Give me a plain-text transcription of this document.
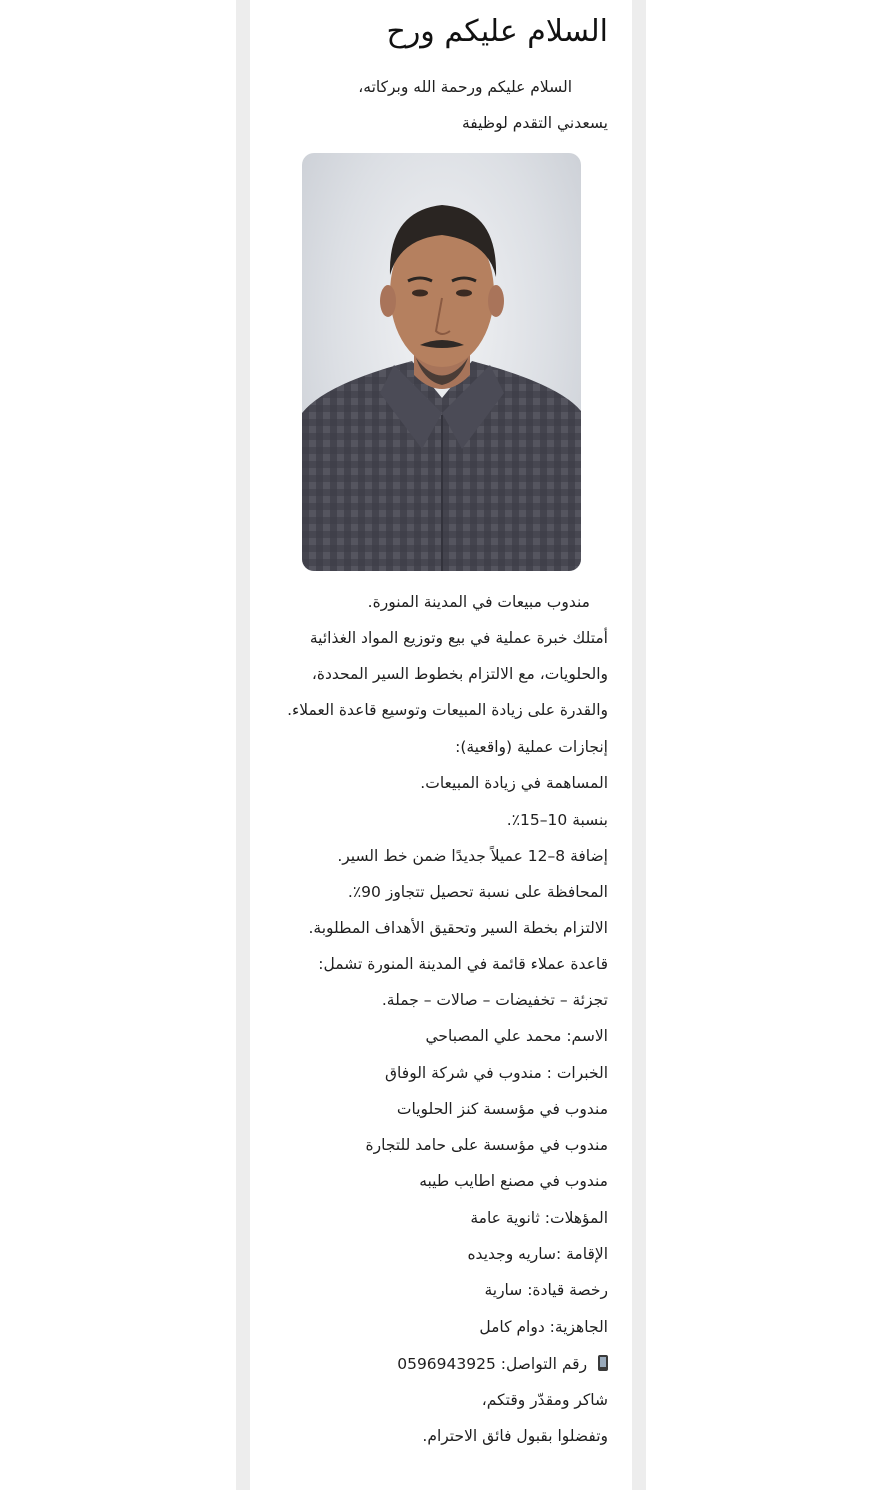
السلام عليكم ورح

السلام عليكم ورحمة الله وبركاته،

يسعدني التقدم لوظيفة

مندوب مبيعات في المدينة المنورة.

أمتلك خبرة عملية في بيع وتوزيع المواد الغذائية

والحلويات، مع الالتزام بخطوط السير المحددة،

والقدرة على زيادة المبيعات وتوسيع قاعدة العملاء.

إنجازات عملية (واقعية):

المساهمة في زيادة المبيعات.

بنسبة 10–15٪.

إضافة 8–12 عميلاً جديدًا ضمن خط السير.

المحافظة على نسبة تحصيل تتجاوز 90٪.

الالتزام بخطة السير وتحقيق الأهداف المطلوبة.

قاعدة عملاء قائمة في المدينة المنورة تشمل:

تجزئة – تخفيضات – صالات – جملة.

الاسم: محمد علي المصباحي

الخبرات : مندوب في شركة الوفاق

مندوب في مؤسسة كنز الحلويات

مندوب في مؤسسة على حامد للتجارة

مندوب في مصنع اطايب طيبه

المؤهلات: ثانوية عامة

الإقامة :ساريه وجديده

رخصة قيادة: سارية

الجاهزية: دوام كامل

رقم التواصل: 0596943925

شاكر ومقدّر وقتكم،

وتفضلوا بقبول فائق الاحترام.
